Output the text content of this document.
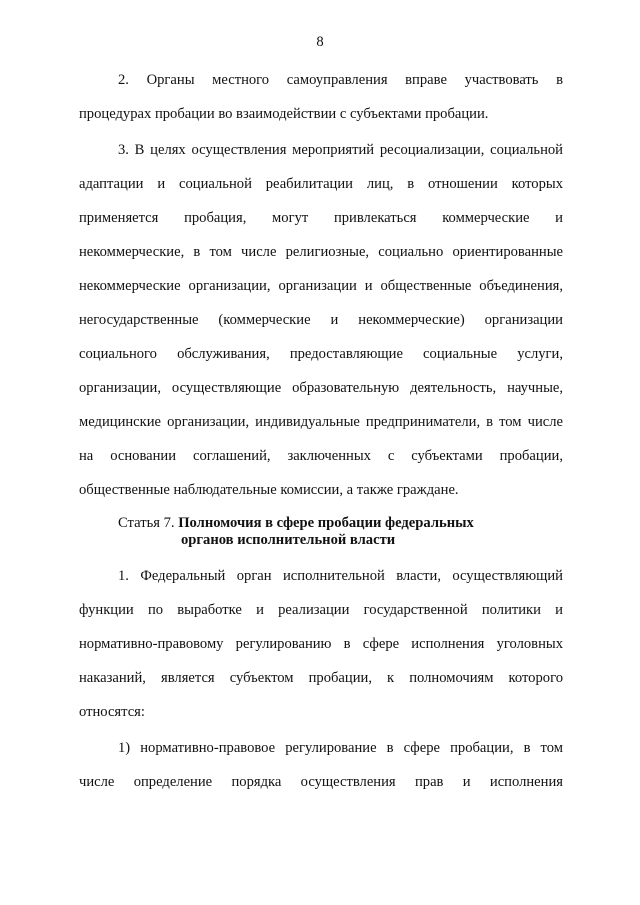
8
2. Органы местного самоуправления вправе участвовать в
процедурах пробации во взаимодействии с субъектами пробации.
3. В целях осуществления мероприятий ресоциализации, социальной
адаптации и социальной реабилитации лиц, в отношении которых
применяется пробация, могут привлекаться коммерческие и
некоммерческие, в том числе религиозные, социально ориентированные
некоммерческие организации, организации и общественные объединения,
негосударственные (коммерческие и некоммерческие) организации
социального обслуживания, предоставляющие социальные услуги,
организации, осуществляющие образовательную деятельность, научные,
медицинские организации, индивидуальные предприниматели, в том числе
на основании соглашений, заключенных с субъектами пробации,
общественные наблюдательные комиссии, а также граждане.
Статья 7. Полномочия в сфере пробации федеральных
органов исполнительной власти
1. Федеральный орган исполнительной власти, осуществляющий
функции по выработке и реализации государственной политики и
нормативно-правовому регулированию в сфере исполнения уголовных
наказаний, является субъектом пробации, к полномочиям которого
относятся:
1) нормативно-правовое регулирование в сфере пробации, в том
числе определение порядка осуществления прав и исполнения
